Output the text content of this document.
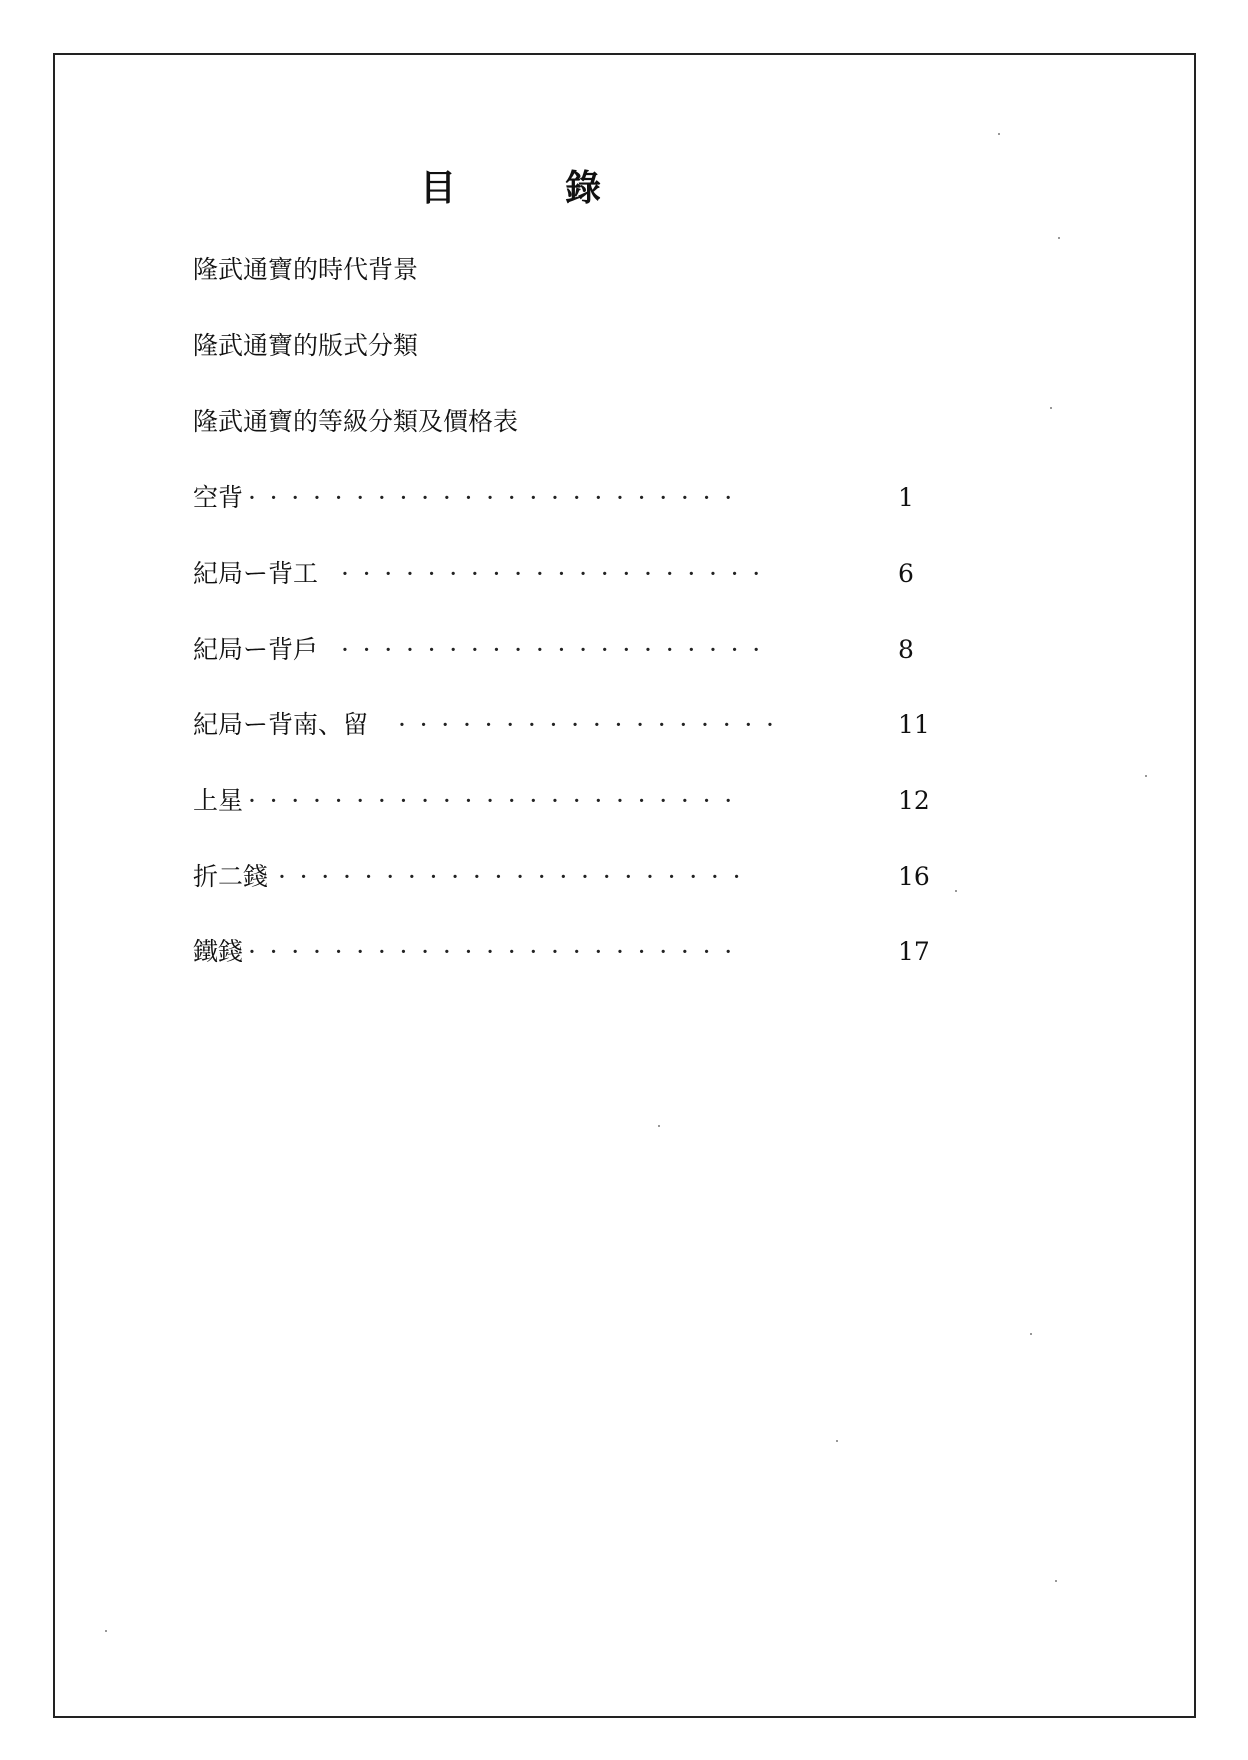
目	錄
隆武通寶的時代背景
隆武通寶的版式分類
隆武通寶的等級分類及價格表
空背 ·······················	1
紀局ー背工 ····················	6
紀局ー背戶 ····················	8
紀局ー背南、留 ··················	11
上星 ·······················	12
折二錢 ······················	16
鐵錢 ·······················	17
